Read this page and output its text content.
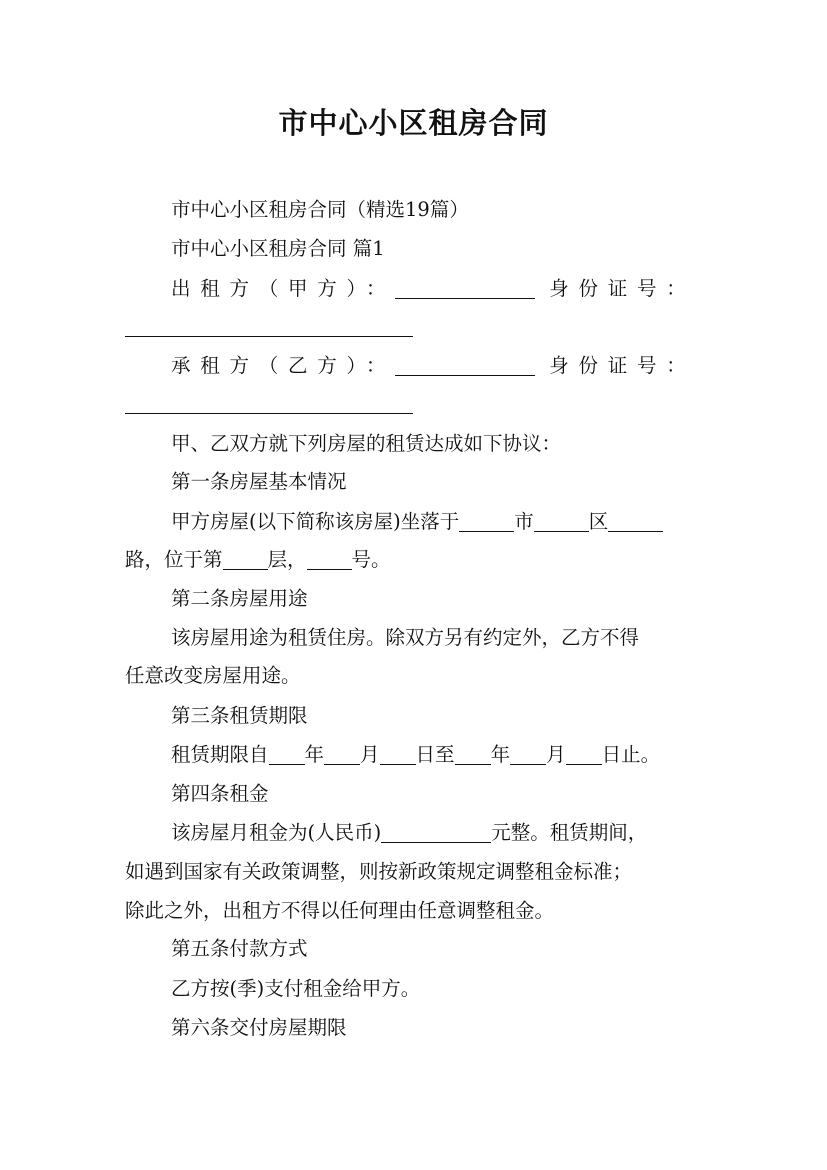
市中心小区租房合同
市中心小区租房合同（精选19篇）
市中心小区租房合同 篇1
出租方（甲方）：	身份证号：
承租方（乙方）：	身份证号：
甲、乙双方就下列房屋的租赁达成如下协议：
第一条房屋基本情况
甲方房屋(以下简称该房屋)坐落于	市	区
路，位于第 层， 号。
第二条房屋用途
该房屋用途为租赁住房。除双方另有约定外，乙方不得
任意改变房屋用途。
第三条租赁期限
租赁期限自 年 月 日至 年 月 日止。
第四条租金
该房屋月租金为(人民币)	元整。租赁期间，
如遇到国家有关政策调整，则按新政策规定调整租金标准；
除此之外，出租方不得以任何理由任意调整租金。
第五条付款方式
乙方按(季)支付租金给甲方。
第六条交付房屋期限
